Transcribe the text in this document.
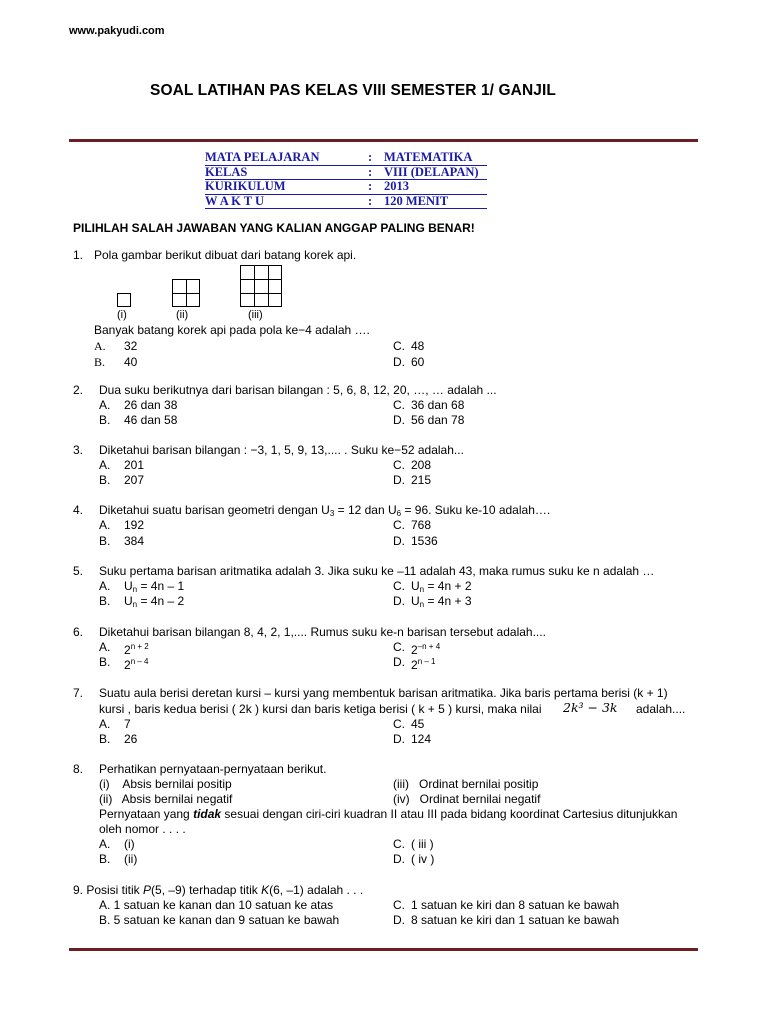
www.pakyudi.com
SOAL LATIHAN PAS KELAS VIII SEMESTER 1/ GANJIL
MATA PELAJARAN	: MATEMATIKA
KELAS	: VIII (DELAPAN)
KURIKULUM	: 2013
W A K T U	: 120 MENIT
PILIHLAH SALAH JAWABAN YANG KALIAN ANGGAP PALING BENAR!
1. Pola gambar berikut dibuat dari batang korek api.
(i)	(ii)	(iii)
Banyak batang korek api pada pola ke−4 adalah ….
A. 32	C. 48
B. 40	D. 60
2. Dua suku berikutnya dari barisan bilangan : 5, 6, 8, 12, 20, …, … adalah ...
A. 26 dan 38	C. 36 dan 68
B. 46 dan 58	D. 56 dan 78
3. Diketahui barisan bilangan : −3, 1, 5, 9, 13,.... . Suku ke−52 adalah...
A. 201	C. 208
B. 207	D. 215
4. Diketahui suatu barisan geometri dengan $U_3 = 12$ dan $U_6 = 96$. Suku ke-10 adalah….
A. 192	C. 768
B. 384	D. 1536
5. Suku pertama barisan aritmatika adalah 3. Jika suku ke –11 adalah 43, maka rumus suku ke n adalah …
A. $U_n = 4n - 1$	C. $U_n = 4n + 2$
B. $U_n = 4n - 2$	D. $U_n = 4n + 3$
6. Diketahui barisan bilangan 8, 4, 2, 1,.... Rumus suku ke-n barisan tersebut adalah....
A. $2^{n + 2}$	C. $2^{-n + 4}$
B. 2$^{n - 4}$	D. 2$^{n - 1}$
7. Suatu aula berisi deretan kursi – kursi yang membentuk barisan aritmatika. Jika baris pertama berisi (k + 1)
kursi , baris kedua berisi ( 2k ) kursi dan baris ketiga berisi ( k + 5 ) kursi, maka nilai 2k³ − 3k adalah....
A. 7	C. 45
B. 26	D. 124
8. Perhatikan pernyataan-pernyataan berikut.
(i)    Absis bernilai positip	(iii)   Ordinat bernilai positip
(ii)   Absis bernilai negatif	(iv)   Ordinat bernilai negatif
Pernyataan yang tidak sesuai dengan ciri-ciri kuadran II atau III pada bidang koordinat Cartesius ditunjukkan
oleh nomor . . . .
A. (i)	C. ( iii )
B. (ii)	D. ( iv )
9. Posisi titik P(5, –9) terhadap titik K(6, –1) adalah . . .
A. 1 satuan ke kanan dan 10 satuan ke atas	C. 1 satuan ke kiri dan 8 satuan ke bawah
B. 5 satuan ke kanan dan 9 satuan ke bawah	D. 8 satuan ke kiri dan 1 satuan ke bawah
